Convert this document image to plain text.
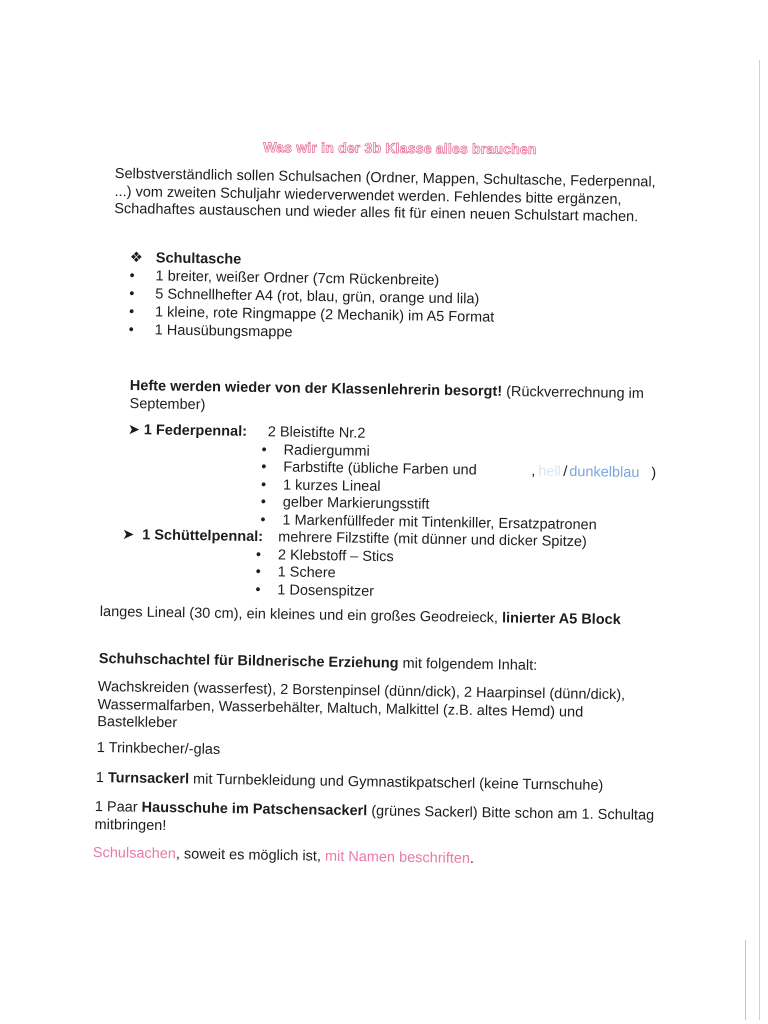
Was wir in der 3b Klasse alles brauchen
Selbstverständlich sollen Schulsachen (Ordner, Mappen, Schultasche, Federpennal, ...) vom zweiten Schuljahr wiederverwendet werden. Fehlendes bitte ergänzen, Schadhaftes austauschen und wieder alles fit für einen neuen Schulstart machen.
❖ Schultasche
•	1 breiter, weißer Ordner (7cm Rückenbreite)
•	5 Schnellhefter A4 (rot, blau, grün, orange und lila)
•	1 kleine, rote Ringmappe (2 Mechanik) im A5 Format
•	1 Hausübungsmappe
Hefte werden wieder von der Klassenlehrerin besorgt! (Rückverrechnung im September)
➤ 1 Federpennal: 2 Bleistifte Nr.2
• Radiergummi
• Farbstifte (übliche Farben und	, hell / dunkelblau )
• 1 kurzes Lineal
• gelber Markierungsstift
• 1 Markenfüllfeder mit Tintenkiller, Ersatzpatronen
➤ 1 Schüttelpennal: mehrere Filzstifte (mit dünner und dicker Spitze)
• 2 Klebstoff – Stics
• 1 Schere
• 1 Dosenspitzer
langes Lineal (30 cm), ein kleines und ein großes Geodreieck, linierter A5 Block
Schuhschachtel für Bildnerische Erziehung mit folgendem Inhalt:
Wachskreiden (wasserfest), 2 Borstenpinsel (dünn/dick), 2 Haarpinsel (dünn/dick), Wassermalfarben, Wasserbehälter, Maltuch, Malkittel (z.B. altes Hemd) und Bastelkleber
1 Trinkbecher/-glas
1 Turnsackerl mit Turnbekleidung und Gymnastikpatscherl (keine Turnschuhe)
1 Paar Hausschuhe im Patschensackerl (grünes Sackerl) Bitte schon am 1. Schultag mitbringen!
Schulsachen, soweit es möglich ist, mit Namen beschriften.
